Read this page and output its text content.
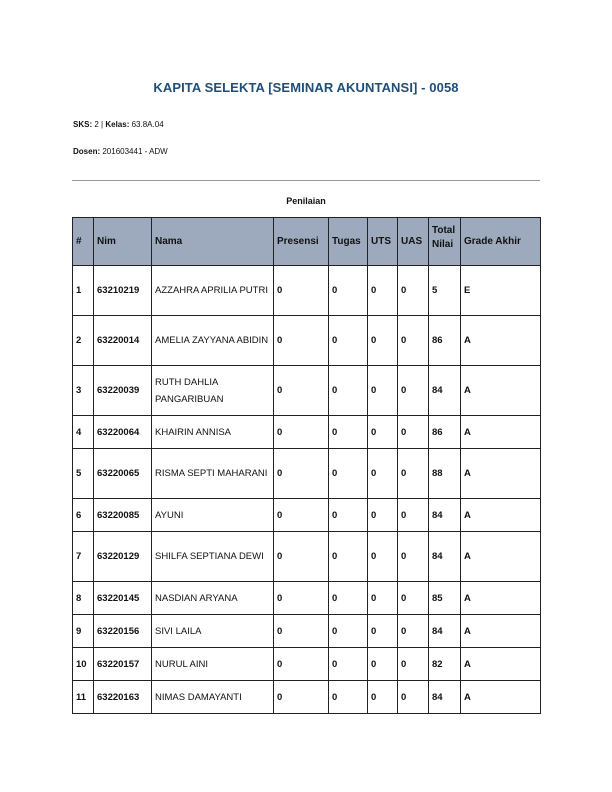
KAPITA SELEKTA [SEMINAR AKUNTANSI] - 0058
SKS: 2 | Kelas: 63.8A.04
Dosen: 201603441 - ADW
Penilaian
#	Nim	Nama	Presensi	Tugas	UTS	UAS	Total Nilai	Grade Akhir
1	63210219	AZZAHRA APRILIA PUTRI	0	0	0	0	5	E
2	63220014	AMELIA ZAYYANA ABIDIN	0	0	0	0	86	A
3	63220039	RUTH DAHLIA PANGARIBUAN	0	0	0	0	84	A
4	63220064	KHAIRIN ANNISA	0	0	0	0	86	A
5	63220065	RISMA SEPTI MAHARANI	0	0	0	0	88	A
6	63220085	AYUNI	0	0	0	0	84	A
7	63220129	SHILFA SEPTIANA DEWI	0	0	0	0	84	A
8	63220145	NASDIAN ARYANA	0	0	0	0	85	A
9	63220156	SIVI LAILA	0	0	0	0	84	A
10	63220157	NURUL AINI	0	0	0	0	82	A
11	63220163	NIMAS DAMAYANTI	0	0	0	0	84	A
